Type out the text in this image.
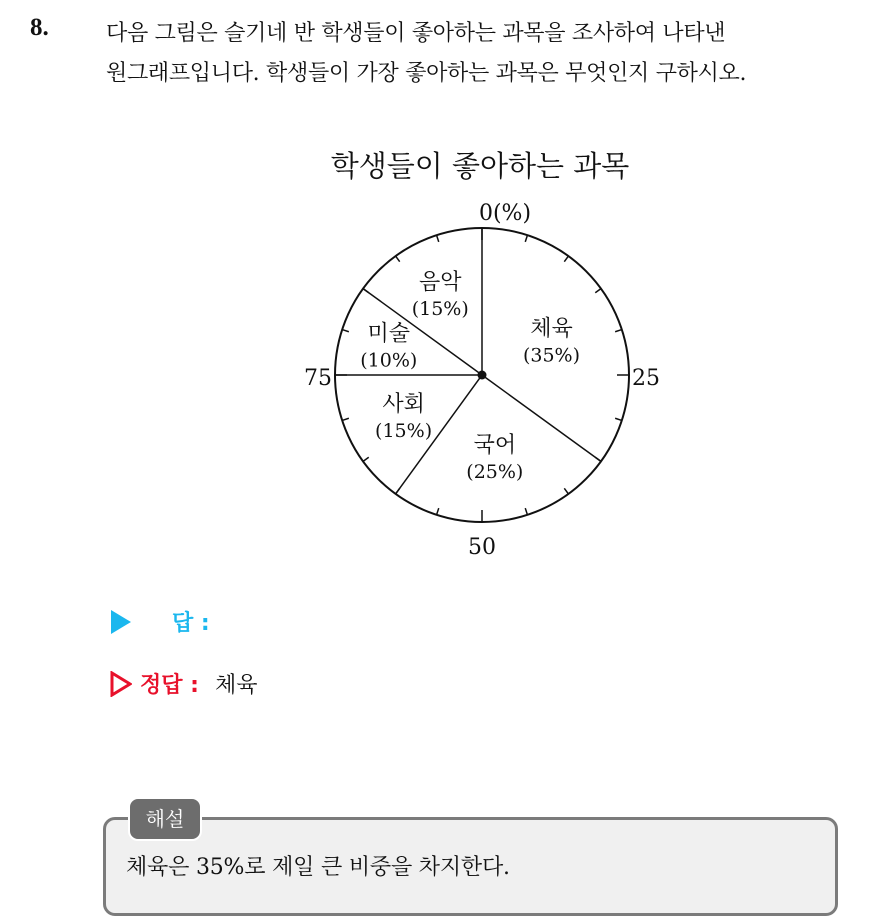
8.	다음 그림은 슬기네 반 학생들이 좋아하는 과목을 조사하여 나타낸
원그래프입니다. 학생들이 가장 좋아하는 과목은 무엇인지 구하시오.
학생들이 좋아하는 과목
체육
(35%)
국어
(25%)
사회
(15%)
미술
(10%)
음악
(15%)
0(%)
25
50
75
답 :
정답 : 체육
해설
체육은 35%로 제일 큰 비중을 차지한다.
